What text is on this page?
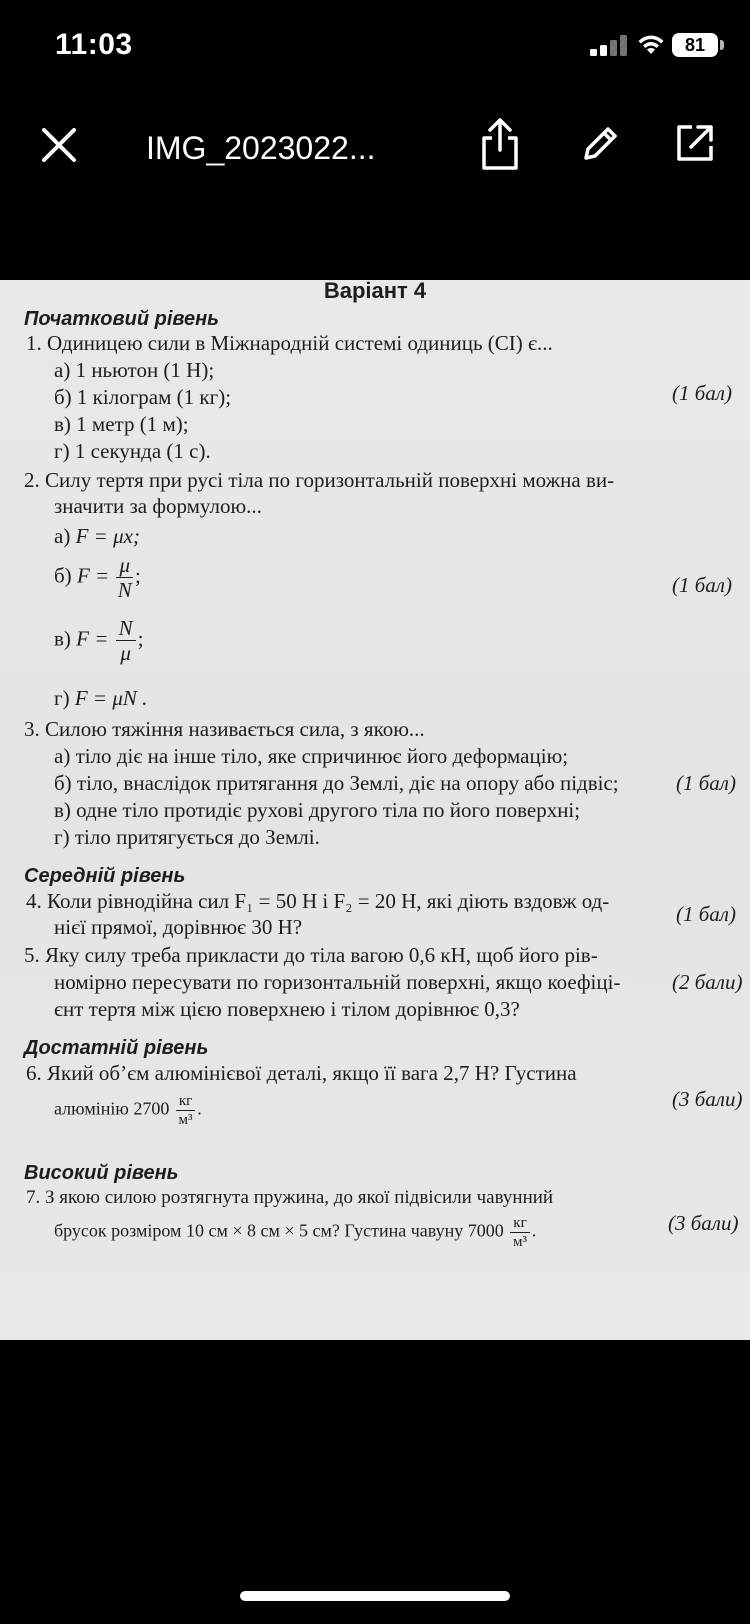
11:03	81
IMG_2023022...
Варіант 4
Початковий рівень
1. Одиницею сили в Міжнародній системі одиниць (СІ) є...
а) 1 ньютон (1 Н);
б) 1 кілограм (1 кг);	(1 бал)
в) 1 метр (1 м);
г) 1 секунда (1 с).
2. Силу тертя при русі тіла по горизонтальній поверхні можна ви-
значити за формулою...
а) F = μx;
б) $F = \frac{\mu}{N}$ ;	(1 бал)
в) $F = \frac{N}{\mu}$ ;
г) F = μN .
3. Силою тяжіння називається сила, з якою...
а) тіло діє на інше тіло, яке спричинює його деформацію;
б) тіло, внаслідок притягання до Землі, діє на опору або підвіс;	(1 бал)
в) одне тіло протидіє рухові другого тіла по його поверхні;
г) тіло притягується до Землі.
Середній рівень
4. Коли рівнодійна сил F₁ = 50 Н і F₂ = 20 Н, які діють вздовж од-
нієї прямої, дорівнює 30 Н?
(1 бал)
5. Яку силу треба прикласти до тіла вагою 0,6 кН, щоб його рів-
номірно пересувати по горизонтальній поверхні, якщо коефіці- (2 бали)
єнт тертя між цією поверхнею і тілом дорівнює 0,3?
Достатній рівень
6. Який об’єм алюмінієвої деталі, якщо її вага 2,7 Н? Густина
алюмінію $2700 \frac{кг}{\text{м³}}$ .	(3 бали)
Високий рівень
7. З якою силою розтягнута пружина, до якої підвісили чавунний
брусок розміром 10 см × 8 см × 5 см? Густина чавуну $7000 \frac{кг}{\text{м³}}$ .	(3 бали)
